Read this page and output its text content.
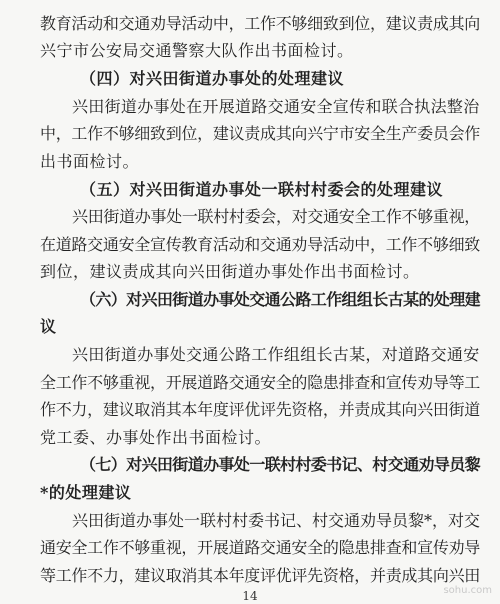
教育活动和交通劝导活动中，工作不够细致到位，建议责成其向
兴宁市公安局交通警察大队作出书面检讨。
（四）对兴田街道办事处的处理建议
兴田街道办事处在开展道路交通安全宣传和联合执法整治
中，工作不够细致到位，建议责成其向兴宁市安全生产委员会作
出书面检讨。
（五）对兴田街道办事处一联村村委会的处理建议
兴田街道办事处一联村村委会，对交通安全工作不够重视，
在道路交通安全宣传教育活动和交通劝导活动中，工作不够细致
到位，建议责成其向兴田街道办事处作出书面检讨。
（六）对兴田街道办事处交通公路工作组组长古某的处理建
议
兴田街道办事处交通公路工作组组长古某，对道路交通安
全工作不够重视，开展道路交通安全的隐患排查和宣传劝导等工
作不力，建议取消其本年度评优评先资格，并责成其向兴田街道
党工委、办事处作出书面检讨。
（七）对兴田街道办事处一联村村委书记、村交通劝导员黎
*的处理建议
兴田街道办事处一联村村委书记、村交通劝导员黎*，对交
通安全工作不够重视，开展道路交通安全的隐患排查和宣传劝导
等工作不力，建议取消其本年度评优评先资格，并责成其向兴田
14	sohu.com
